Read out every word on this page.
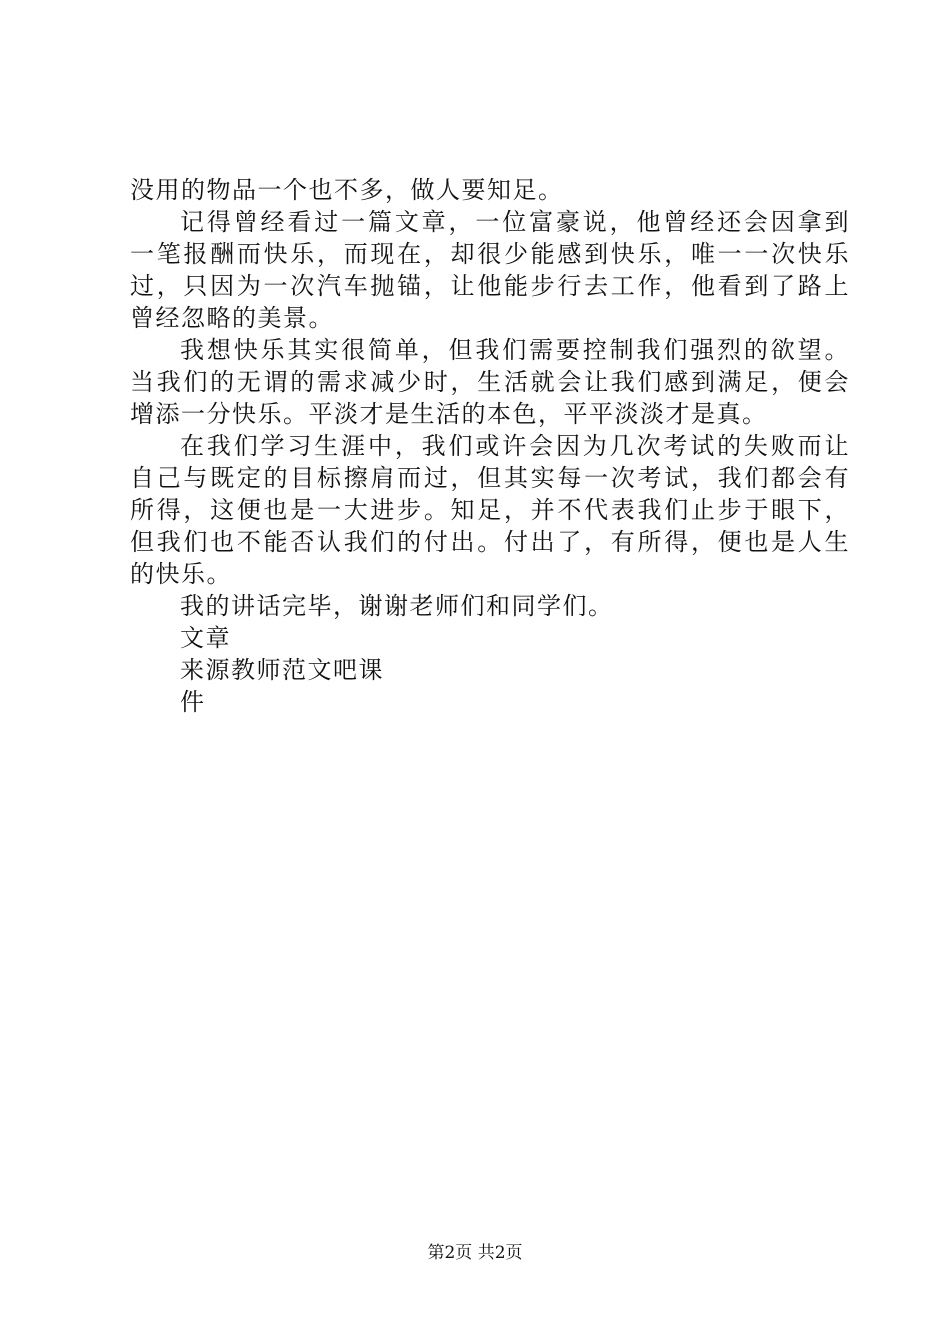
没用的物品一个也不多，做人要知足。
记得曾经看过一篇文章，一位富豪说，他曾经还会因拿到
一笔报酬而快乐，而现在，却很少能感到快乐，唯一一次快乐
过，只因为一次汽车抛锚，让他能步行去工作，他看到了路上
曾经忽略的美景。
我想快乐其实很简单，但我们需要控制我们强烈的欲望。
当我们的无谓的需求减少时，生活就会让我们感到满足，便会
增添一分快乐。平淡才是生活的本色，平平淡淡才是真。
在我们学习生涯中，我们或许会因为几次考试的失败而让
自己与既定的目标擦肩而过，但其实每一次考试，我们都会有
所得，这便也是一大进步。知足，并不代表我们止步于眼下，
但我们也不能否认我们的付出。付出了，有所得，便也是人生
的快乐。
我的讲话完毕，谢谢老师们和同学们。
文章
来源教师范文吧课
件
第2页 共2页
